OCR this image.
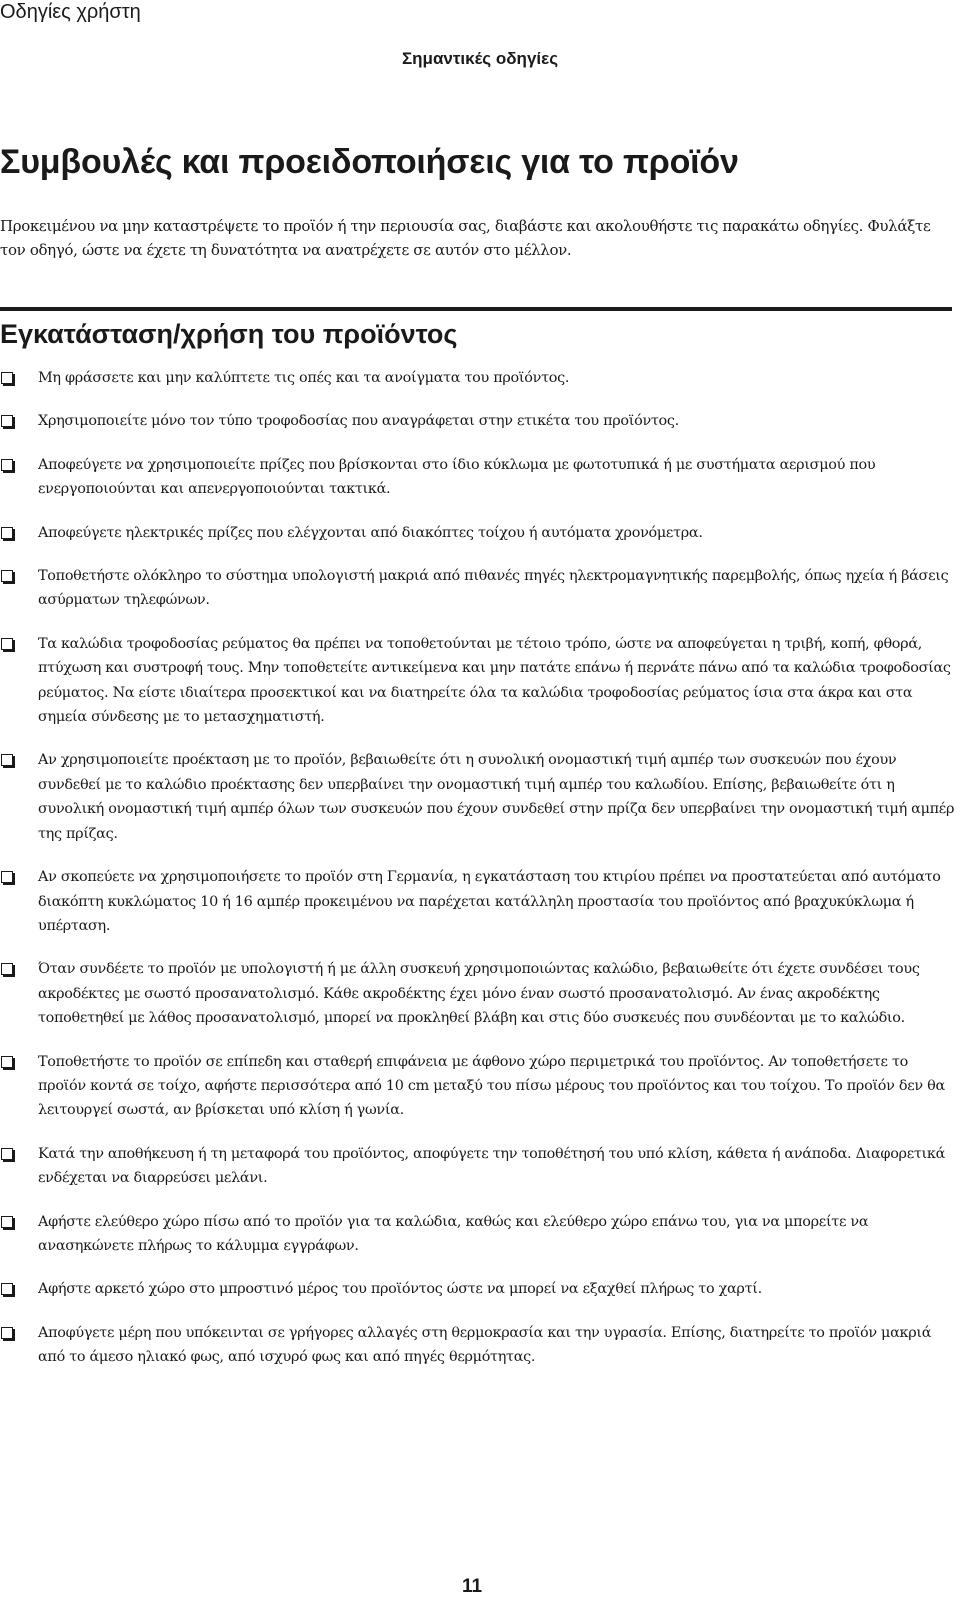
Οδηγίες χρήστη
Σημαντικές οδηγίες
Συμβουλές και προειδοποιήσεις για το προϊόν

Προκειμένου να μην καταστρέψετε το προϊόν ή την περιουσία σας, διαβάστε και ακολουθήστε τις παρακάτω οδηγίες. Φυλάξτε τον οδηγό, ώστε να έχετε τη δυνατότητα να ανατρέχετε σε αυτόν στο μέλλον.

Εγκατάσταση/χρήση του προϊόντος
Μη φράσσετε και μην καλύπτετε τις οπές και τα ανοίγματα του προϊόντος.
Χρησιμοποιείτε μόνο τον τύπο τροφοδοσίας που αναγράφεται στην ετικέτα του προϊόντος.
Αποφεύγετε να χρησιμοποιείτε πρίζες που βρίσκονται στο ίδιο κύκλωμα με φωτοτυπικά ή με συστήματα αερισμού που ενεργοποιούνται και απενεργοποιούνται τακτικά.
Αποφεύγετε ηλεκτρικές πρίζες που ελέγχονται από διακόπτες τοίχου ή αυτόματα χρονόμετρα.
Τοποθετήστε ολόκληρο το σύστημα υπολογιστή μακριά από πιθανές πηγές ηλεκτρομαγνητικής παρεμβολής, όπως ηχεία ή βάσεις ασύρματων τηλεφώνων.
Τα καλώδια τροφοδοσίας ρεύματος θα πρέπει να τοποθετούνται με τέτοιο τρόπο, ώστε να αποφεύγεται η τριβή, κοπή, φθορά, πτύχωση και συστροφή τους. Μην τοποθετείτε αντικείμενα και μην πατάτε επάνω ή περνάτε πάνω από τα καλώδια τροφοδοσίας ρεύματος. Να είστε ιδιαίτερα προσεκτικοί και να διατηρείτε όλα τα καλώδια τροφοδοσίας ρεύματος ίσια στα άκρα και στα σημεία σύνδεσης με το μετασχηματιστή.
Αν χρησιμοποιείτε προέκταση με το προϊόν, βεβαιωθείτε ότι η συνολική ονομαστική τιμή αμπέρ των συσκευών που έχουν συνδεθεί με το καλώδιο προέκτασης δεν υπερβαίνει την ονομαστική τιμή αμπέρ του καλωδίου. Επίσης, βεβαιωθείτε ότι η συνολική ονομαστική τιμή αμπέρ όλων των συσκευών που έχουν συνδεθεί στην πρίζα δεν υπερβαίνει την ονομαστική τιμή αμπέρ της πρίζας.
Αν σκοπεύετε να χρησιμοποιήσετε το προϊόν στη Γερμανία, η εγκατάσταση του κτιρίου πρέπει να προστατεύεται από αυτόματο διακόπτη κυκλώματος 10 ή 16 αμπέρ προκειμένου να παρέχεται κατάλληλη προστασία του προϊόντος από βραχυκύκλωμα ή υπέρταση.
Όταν συνδέετε το προϊόν με υπολογιστή ή με άλλη συσκευή χρησιμοποιώντας καλώδιο, βεβαιωθείτε ότι έχετε συνδέσει τους ακροδέκτες με σωστό προσανατολισμό. Κάθε ακροδέκτης έχει μόνο έναν σωστό προσανατολισμό. Αν ένας ακροδέκτης τοποθετηθεί με λάθος προσανατολισμό, μπορεί να προκληθεί βλάβη και στις δύο συσκευές που συνδέονται με το καλώδιο.
Τοποθετήστε το προϊόν σε επίπεδη και σταθερή επιφάνεια με άφθονο χώρο περιμετρικά του προϊόντος. Αν τοποθετήσετε το προϊόν κοντά σε τοίχο, αφήστε περισσότερα από 10 cm μεταξύ του πίσω μέρους του προϊόντος και του τοίχου. Το προϊόν δεν θα λειτουργεί σωστά, αν βρίσκεται υπό κλίση ή γωνία.
Κατά την αποθήκευση ή τη μεταφορά του προϊόντος, αποφύγετε την τοποθέτησή του υπό κλίση, κάθετα ή ανάποδα. Διαφορετικά ενδέχεται να διαρρεύσει μελάνι.
Αφήστε ελεύθερο χώρο πίσω από το προϊόν για τα καλώδια, καθώς και ελεύθερο χώρο επάνω του, για να μπορείτε να ανασηκώνετε πλήρως το κάλυμμα εγγράφων.
Αφήστε αρκετό χώρο στο μπροστινό μέρος του προϊόντος ώστε να μπορεί να εξαχθεί πλήρως το χαρτί.
Αποφύγετε μέρη που υπόκεινται σε γρήγορες αλλαγές στη θερμοκρασία και την υγρασία. Επίσης, διατηρείτε το προϊόν μακριά από το άμεσο ηλιακό φως, από ισχυρό φως και από πηγές θερμότητας.
11
